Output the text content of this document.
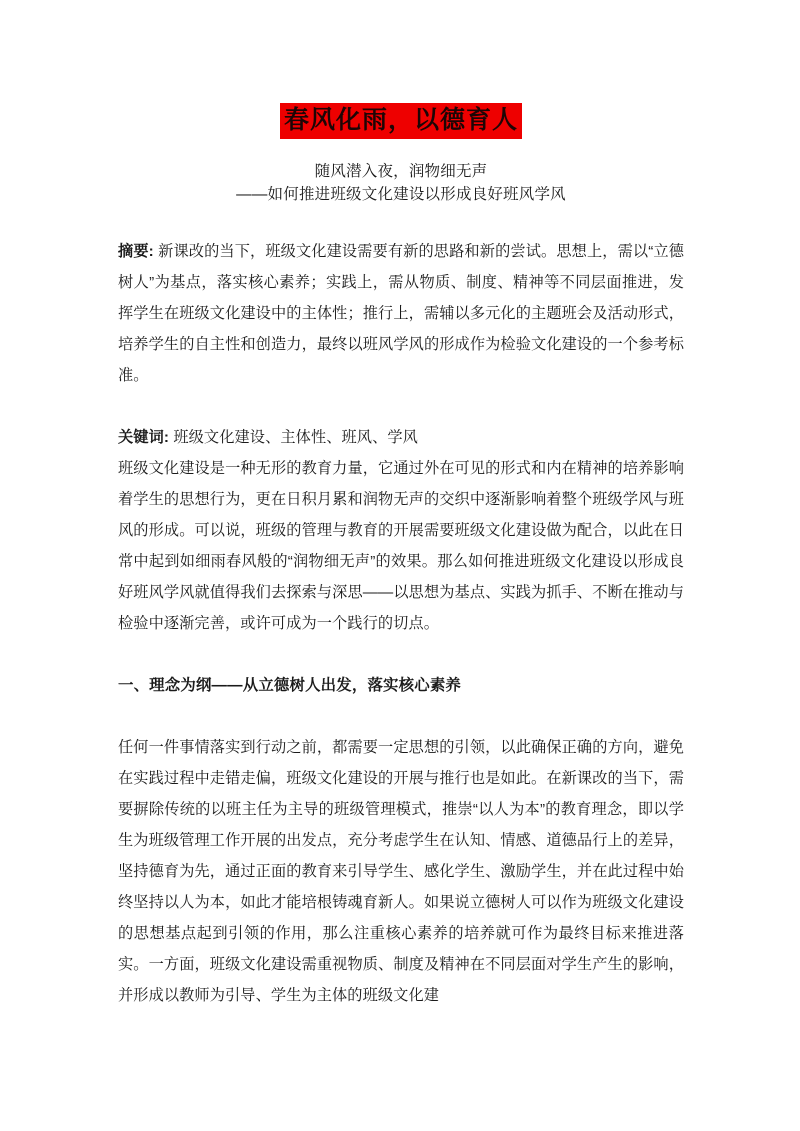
春风化雨，以德育人
随风潜入夜，润物细无声
——如何推进班级文化建设以形成良好班风学风

摘要: 新课改的当下，班级文化建设需要有新的思路和新的尝试。思想上，需以“立德树人”为基点，落实核心素养；实践上，需从物质、制度、精神等不同层面推进，发挥学生在班级文化建设中的主体性；推行上，需辅以多元化的主题班会及活动形式，培养学生的自主性和创造力，最终以班风学风的形成作为检验文化建设的一个参考标准。

关键词: 班级文化建设、主体性、班风、学风

班级文化建设是一种无形的教育力量，它通过外在可见的形式和内在精神的培养影响着学生的思想行为，更在日积月累和润物无声的交织中逐渐影响着整个班级学风与班风的形成。可以说，班级的管理与教育的开展需要班级文化建设做为配合，以此在日常中起到如细雨春风般的“润物细无声”的效果。那么如何推进班级文化建设以形成良好班风学风就值得我们去探索与深思——以思想为基点、实践为抓手、不断在推动与检验中逐渐完善，或许可成为一个践行的切点。

一、理念为纲——从立德树人出发，落实核心素养

任何一件事情落实到行动之前，都需要一定思想的引领，以此确保正确的方向，避免在实践过程中走错走偏，班级文化建设的开展与推行也是如此。在新课改的当下，需要摒除传统的以班主任为主导的班级管理模式，推崇“以人为本”的教育理念，即以学生为班级管理工作开展的出发点，充分考虑学生在认知、情感、道德品行上的差异，坚持德育为先，通过正面的教育来引导学生、感化学生、激励学生，并在此过程中始终坚持以人为本，如此才能培根铸魂育新人。如果说立德树人可以作为班级文化建设的思想基点起到引领的作用，那么注重核心素养的培养就可作为最终目标来推进落实。一方面，班级文化建设需重视物质、制度及精神在不同层面对学生产生的影响，并形成以教师为引导、学生为主体的班级文化建
